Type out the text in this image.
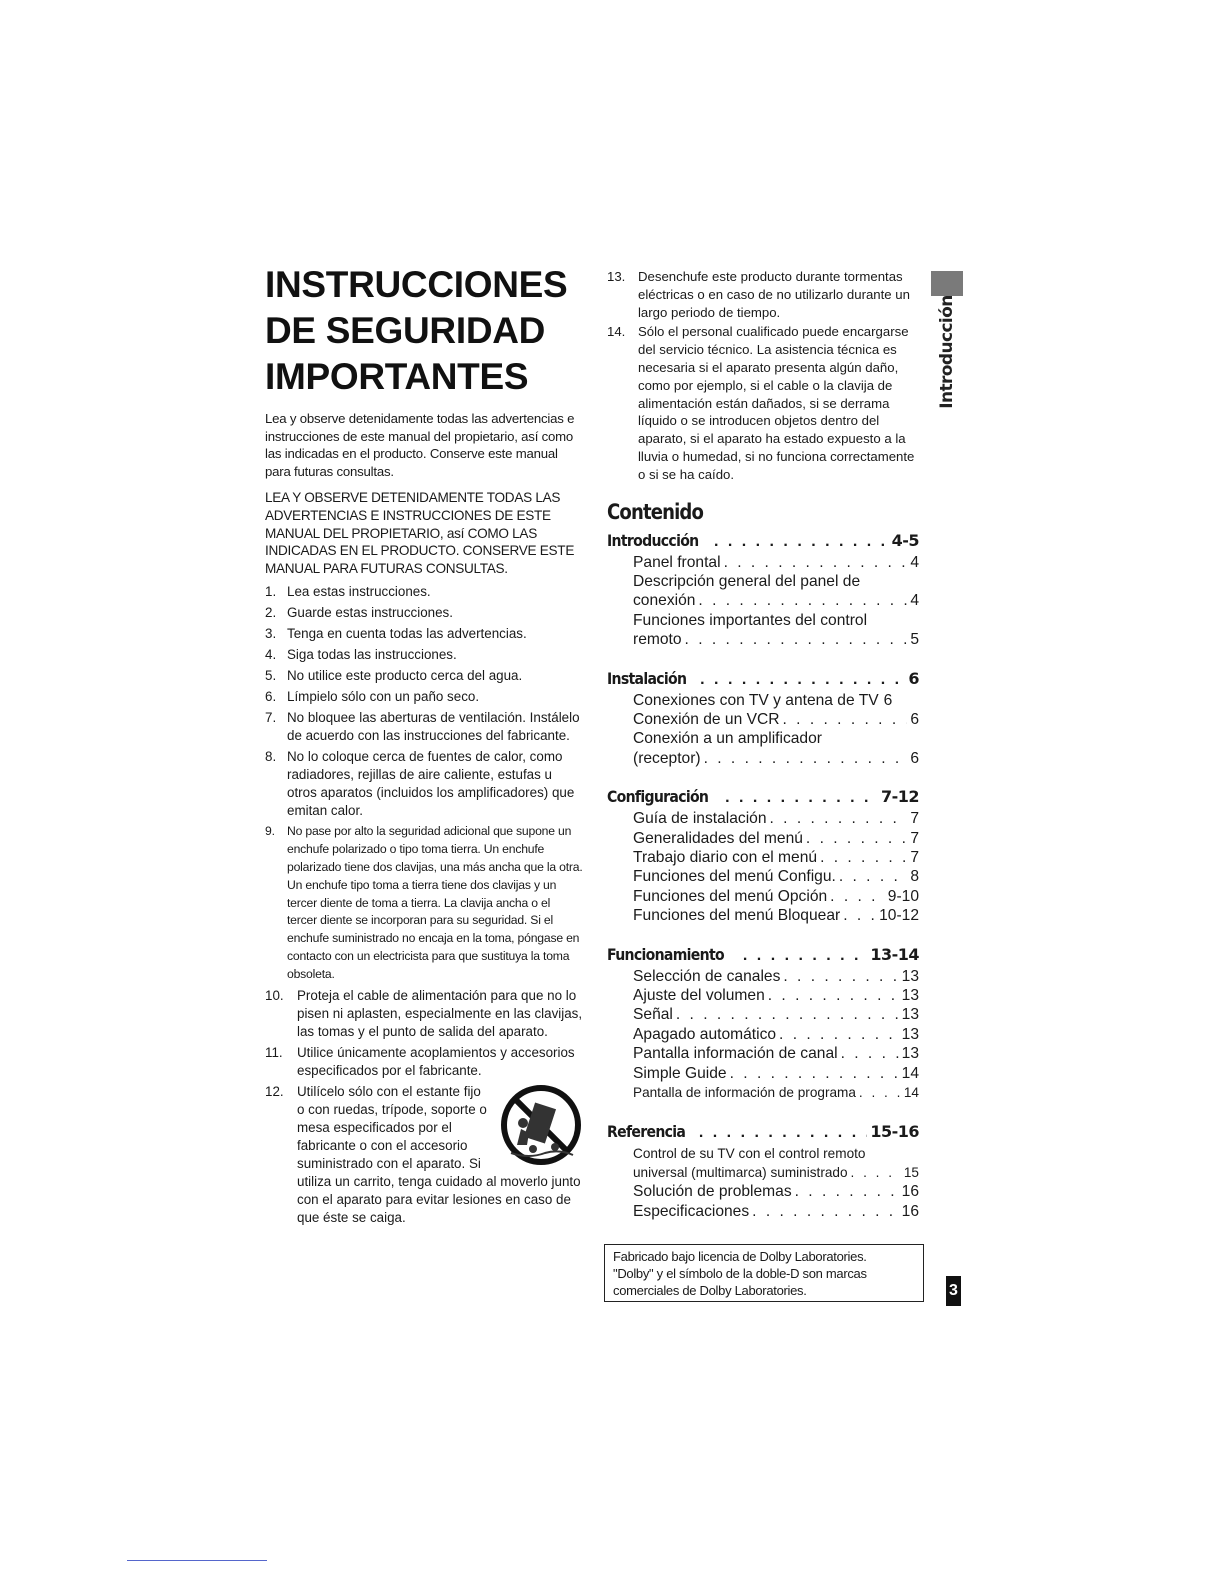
INSTRUCCIONES
DE SEGURIDAD
IMPORTANTES

Lea y observe detenidamente todas las advertencias e instrucciones de este manual del propietario, así como las indicadas en el producto. Conserve este manual para futuras consultas.

LEA Y OBSERVE DETENIDAMENTE TODAS LAS ADVERTENCIAS E INSTRUCCIONES DE ESTE MANUAL DEL PROPIETARIO, así COMO LAS INDICADAS EN EL PRODUCTO. CONSERVE ESTE MANUAL PARA FUTURAS CONSULTAS.

1. Lea estas instrucciones.
2. Guarde estas instrucciones.
3. Tenga en cuenta todas las advertencias.
4. Siga todas las instrucciones.
5. No utilice este producto cerca del agua.
6. Límpielo sólo con un paño seco.
7. No bloquee las aberturas de ventilación. Instálelo de acuerdo con las instrucciones del fabricante.
8. No lo coloque cerca de fuentes de calor, como radiadores, rejillas de aire caliente, estufas u otros aparatos (incluidos los amplificadores) que emitan calor.
9. No pase por alto la seguridad adicional que supone un enchufe polarizado o tipo toma tierra. Un enchufe polarizado tiene dos clavijas, una más ancha que la otra. Un enchufe tipo toma a tierra tiene dos clavijas y un tercer diente de toma a tierra. La clavija ancha o el tercer diente se incorporan para su seguridad. Si el enchufe suministrado no encaja en la toma, póngase en contacto con un electricista para que sustituya la toma obsoleta.
10. Proteja el cable de alimentación para que no lo pisen ni aplasten, especialmente en las clavijas, las tomas y el punto de salida del aparato.
11. Utilice únicamente acoplamientos y accesorios especificados por el fabricante.
12. Utilícelo sólo con el estante fijo o con ruedas, trípode, soporte o mesa especificados por el fabricante o con el accesorio suministrado con el aparato. Si utiliza un carrito, tenga cuidado al moverlo junto con el aparato para evitar lesiones en caso de que éste se caiga.
13. Desenchufe este producto durante tormentas eléctricas o en caso de no utilizarlo durante un largo periodo de tiempo.
14. Sólo el personal cualificado puede encargarse del servicio técnico. La asistencia técnica es necesaria si el aparato presenta algún daño, como por ejemplo, si el cable o la clavija de alimentación están dañados, si se derrama líquido o se introducen objetos dentro del aparato, si el aparato ha estado expuesto a la lluvia o humedad, si no funciona correctamente o si se ha caído.
Contenido
Introducción . . .	4-5
Panel frontal . . .	4
Descripción general del panel de
conexión . . .	4
Funciones importantes del control
remoto . . .	5
Instalación . . .	6
Conexiones con TV y antena de TV 6
Conexión de un VCR . . .	6
Conexión a un amplificador
(receptor) . . .	6
Configuración . . .	7-12
Guía de instalación . . .	7
Generalidades del menú . . .	7
Trabajo diario con el menú . . .	7
Funciones del menú Configu. . . .	8
Funciones del menú Opción . . .	9-10
Funciones del menú Bloquear . . . 10-12
Funcionamiento . . .	13-14
Selección de canales . . .	13
Ajuste del volumen . . .	13
Señal . . .	13
Apagado automático . . .	13
Pantalla información de canal . . .	13
Simple Guide . . .	14
Pantalla de información de programa . . .	14
Referencia . . .	15-16
Control de su TV con el control remoto
universal (multimarca) suministrado . . .	15
Solución de problemas . . .	16
Especificaciones . . .	16
Fabricado bajo licencia de Dolby Laboratories.
"Dolby" y el símbolo de la doble-D son marcas
comerciales de Dolby Laboratories.
Introducción
3
